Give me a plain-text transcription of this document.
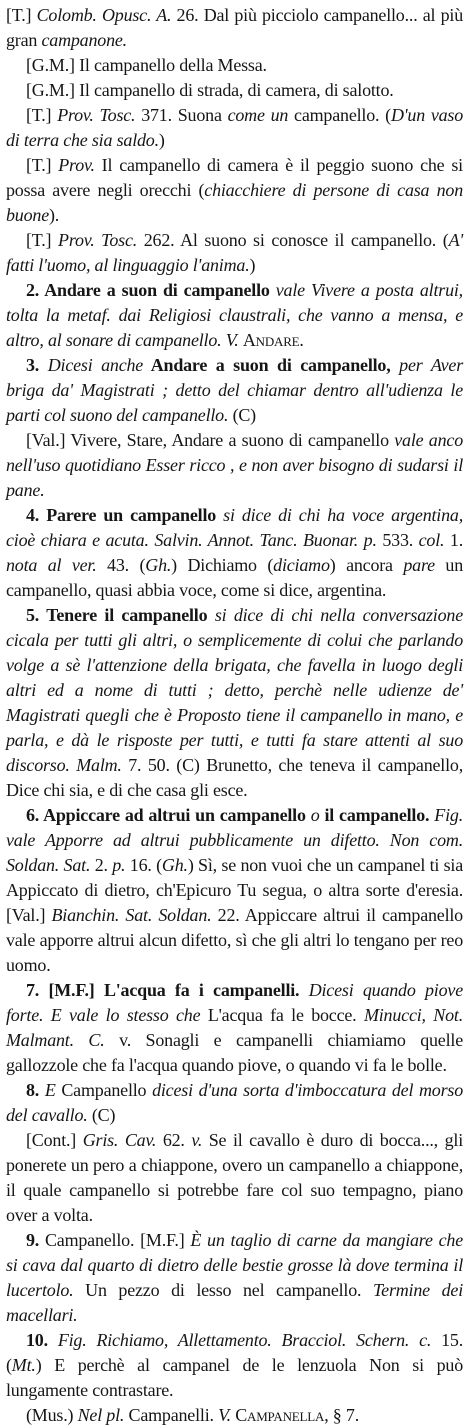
[T.] Colomb. Opusc. A. 26. Dal più picciolo campanello... al più gran campanone.

[G.M.] Il campanello della Messa.

[G.M.] Il campanello di strada, di camera, di salotto.

[T.] Prov. Tosc. 371. Suona come un campanello. (D'un vaso di terra che sia saldo.)

[T.] Prov. Il campanello di camera è il peggio suono che si possa avere negli orecchi (chiacchiere di persone di casa non buone).

[T.] Prov. Tosc. 262. Al suono si conosce il campanello. (A' fatti l'uomo, al linguaggio l'anima.)

2. Andare a suon di campanello vale Vivere a posta altrui, tolta la metaf. dai Religiosi claustrali, che vanno a mensa, e altro, al sonare di campanello. V. Andare.

3. Dicesi anche Andare a suon di campanello, per Aver briga da' Magistrati ; detto del chiamar dentro all'udienza le parti col suono del campanello. (C)

[Val.] Vivere, Stare, Andare a suono di campanello vale anco nell'uso quotidiano Esser ricco , e non aver bisogno di sudarsi il pane.

4. Parere un campanello si dice di chi ha voce argentina, cioè chiara e acuta. Salvin. Annot. Tanc. Buonar. p. 533. col. 1. nota al ver. 43. (Gh.) Dichiamo (diciamo) ancora pare un campanello, quasi abbia voce, come si dice, argentina.

5. Tenere il campanello si dice di chi nella conversazione cicala per tutti gli altri, o semplicemente di colui che parlando volge a sè l'attenzione della brigata, che favella in luogo degli altri ed a nome di tutti ; detto, perchè nelle udienze de' Magistrati quegli che è Proposto tiene il campanello in mano, e parla, e dà le risposte per tutti, e tutti fa stare attenti al suo discorso. Malm. 7. 50. (C) Brunetto, che teneva il campanello, Dice chi sia, e di che casa gli esce.

6. Appiccare ad altrui un campanello o il campanello. Fig. vale Apporre ad altrui pubblicamente un difetto. Non com. Soldan. Sat. 2. p. 16. (Gh.) Sì, se non vuoi che un campanel ti sia Appiccato di dietro, ch'Epicuro Tu segua, o altra sorte d'eresia. [Val.] Bianchin. Sat. Soldan. 22. Appiccare altrui il campanello vale apporre altrui alcun difetto, sì che gli altri lo tengano per reo uomo.

7. [M.F.] L'acqua fa i campanelli. Dicesi quando piove forte. E vale lo stesso che L'acqua fa le bocce. Minucci, Not. Malmant. C. v. Sonagli e campanelli chiamiamo quelle gallozzole che fa l'acqua quando piove, o quando vi fa le bolle.

8. E Campanello dicesi d'una sorta d'imboccatura del morso del cavallo. (C)

[Cont.] Gris. Cav. 62. v. Se il cavallo è duro di bocca..., gli ponerete un pero a chiappone, overo un campanello a chiappone, il quale campanello si potrebbe fare col suo tempagno, piano over a volta.

9. Campanello. [M.F.] È un taglio di carne da mangiare che si cava dal quarto di dietro delle bestie grosse là dove termina il lucertolo. Un pezzo di lesso nel campanello. Termine dei macellari.

10. Fig. Richiamo, Allettamento. Bracciol. Schern. c. 15. (Mt.) E perchè al campanel de le lenzuola Non si può lungamente contrastare.

(Mus.) Nel pl. Campanelli. V. Campanella, § 7.
